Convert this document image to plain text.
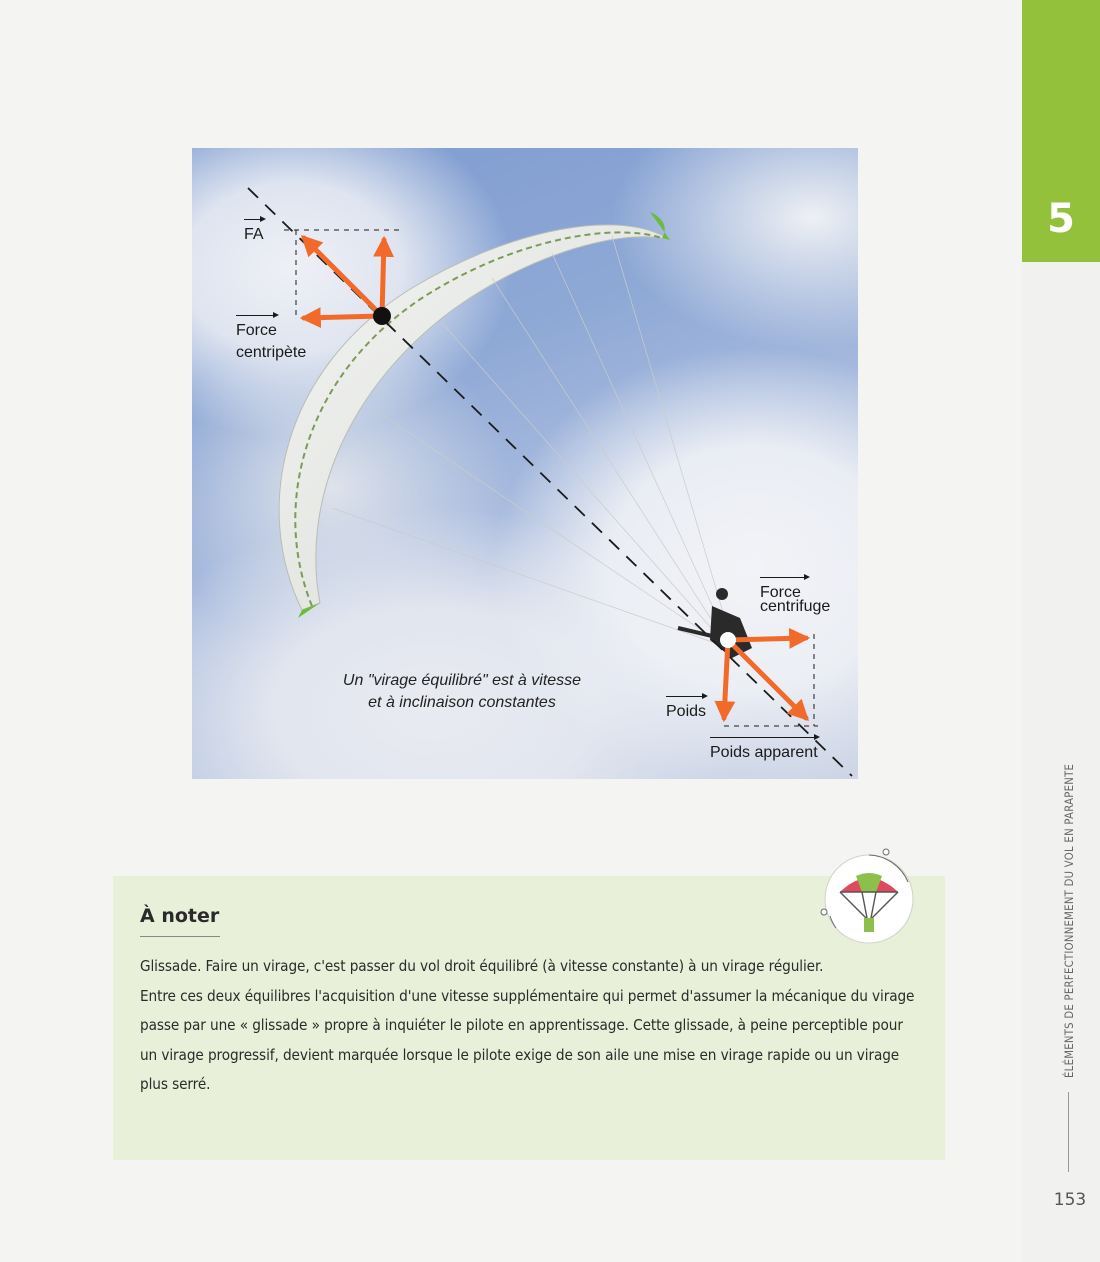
5
ÉLÉMENTS DE PERFECTIONNEMENT DU VOL EN PARAPENTE
153
FA
Force
centripète
Force
centrifuge
Poids
Poids apparent
Un "virage équilibré" est à vitesse
et à inclinaison constantes
À noter

Glissade. Faire un virage, c'est passer du vol droit équilibré (à vitesse constante) à un virage régulier.

Entre ces deux équilibres l'acquisition d'une vitesse supplémentaire qui permet d'assumer la mécanique du virage passe par une « glissade » propre à inquiéter le pilote en apprentissage. Cette glissade, à peine perceptible pour un virage progressif, devient marquée lorsque le pilote exige de son aile une mise en virage rapide ou un virage plus serré.
